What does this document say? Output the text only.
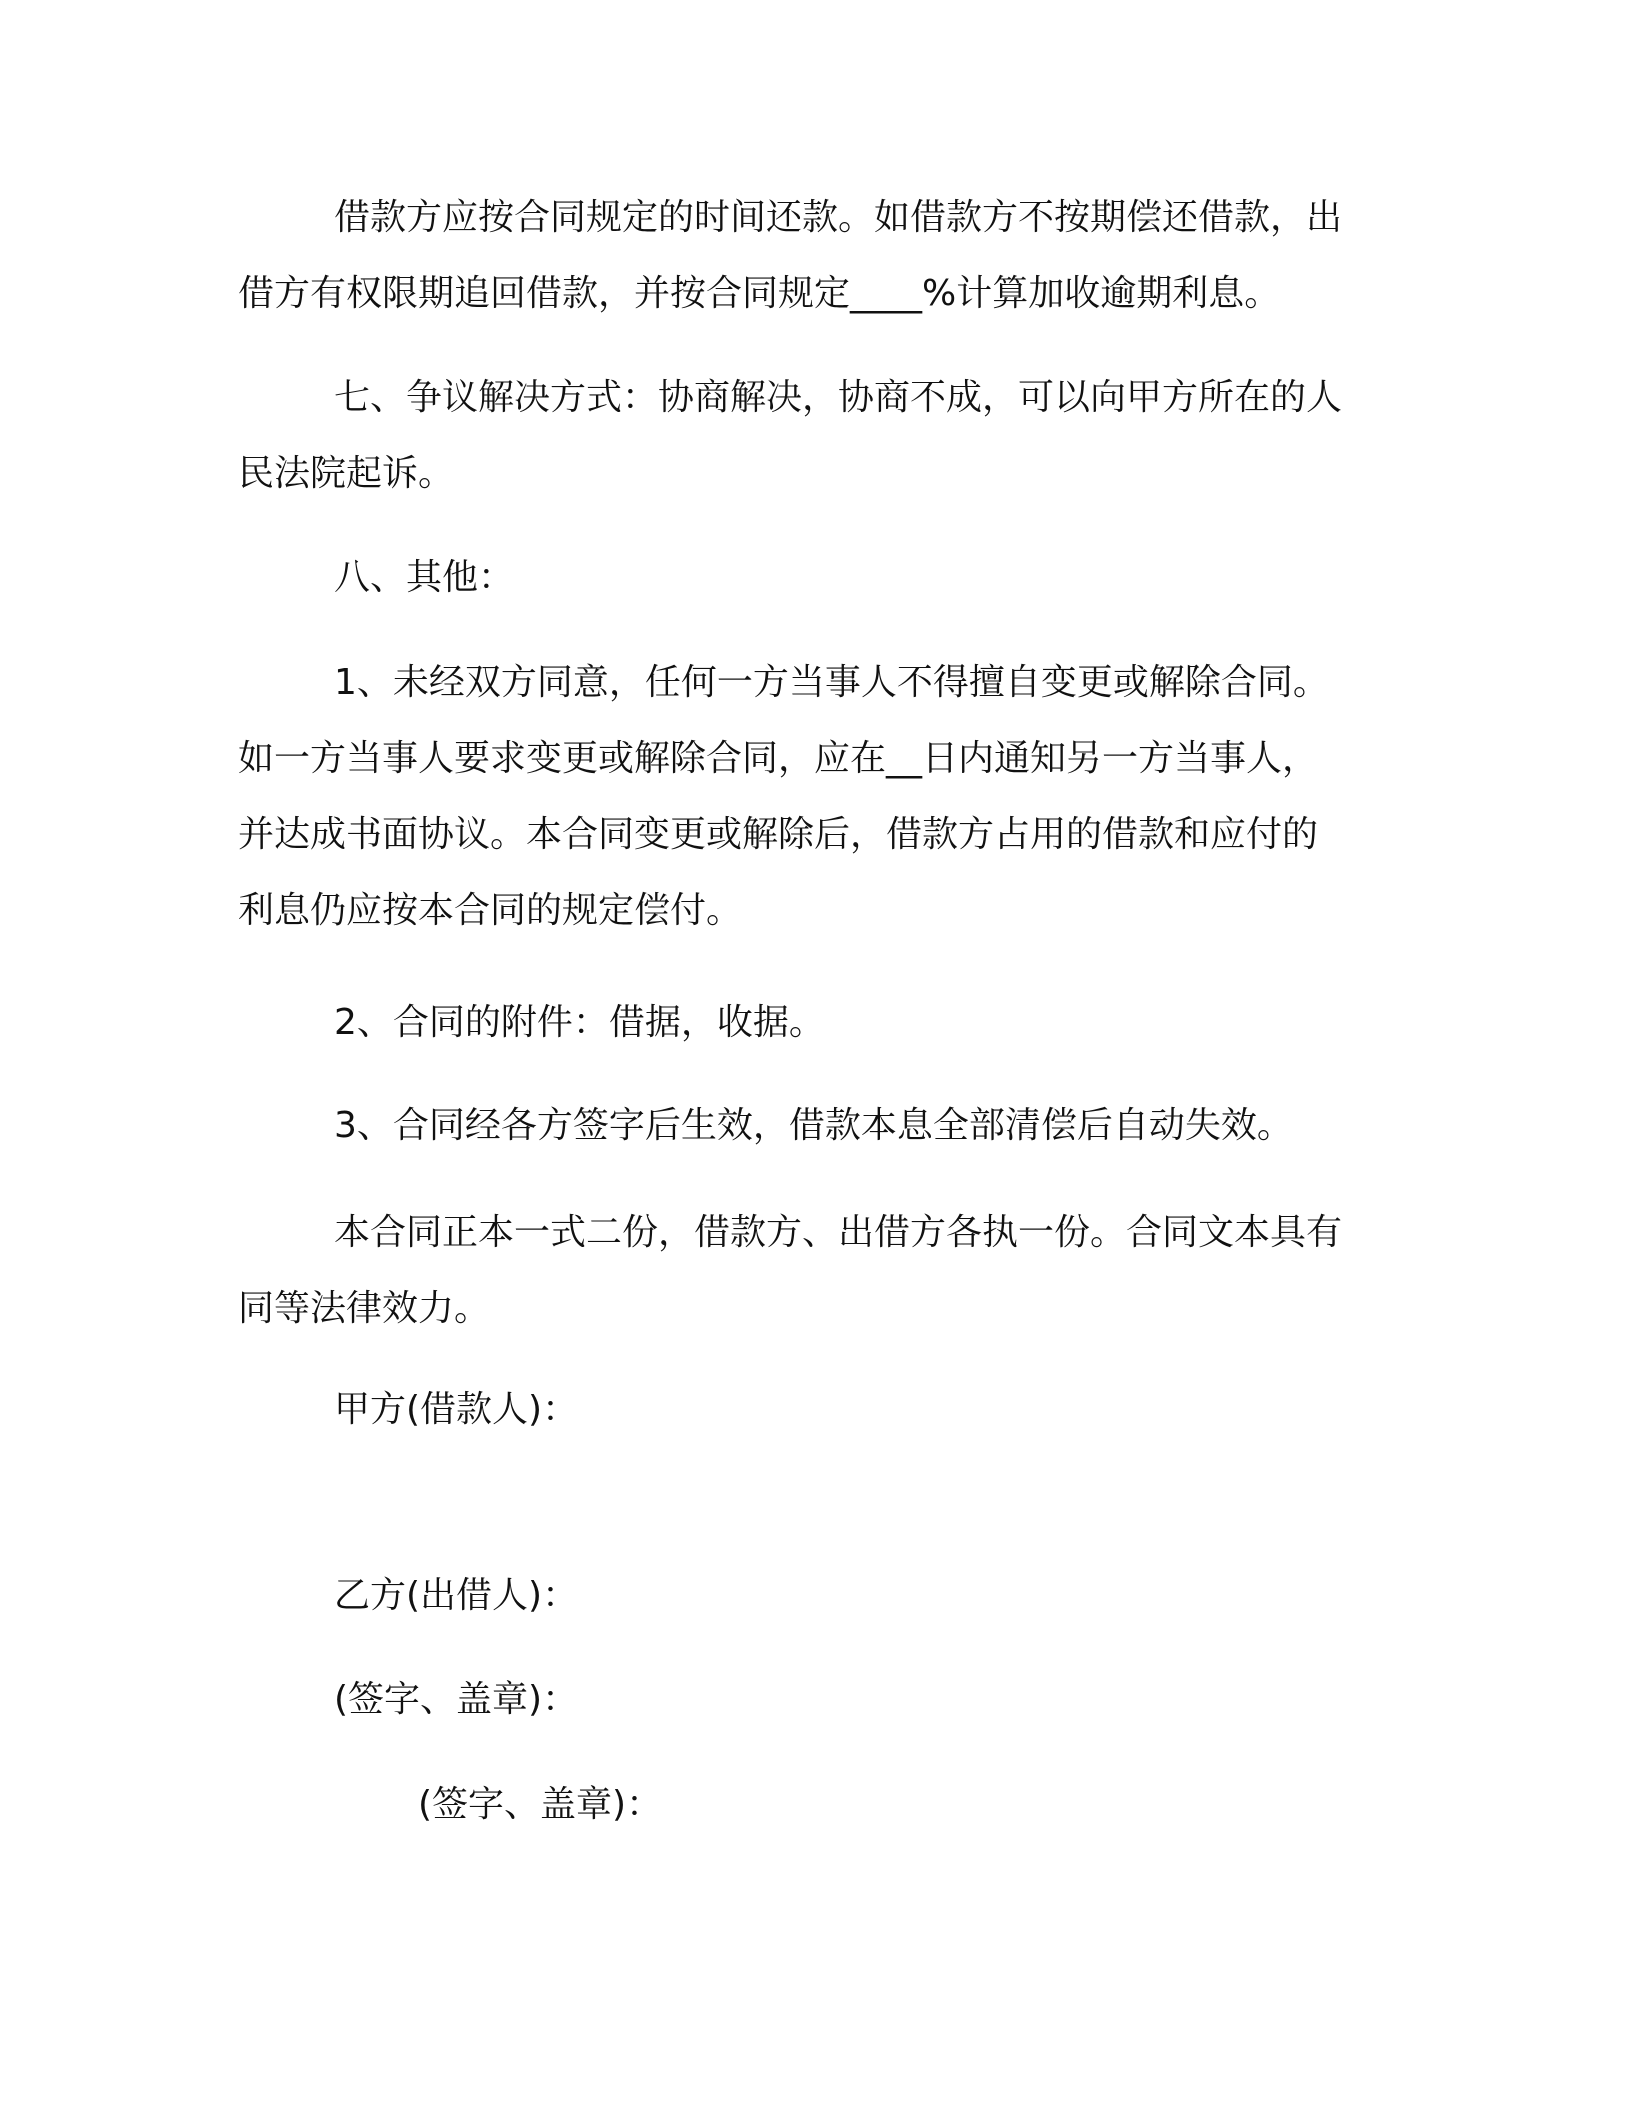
借款方应按合同规定的时间还款。如借款方不按期偿还借款，出
借方有权限期追回借款，并按合同规定____%计算加收逾期利息。
七、争议解决方式：协商解决，协商不成，可以向甲方所在的人
民法院起诉。
八、其他：
1、未经双方同意，任何一方当事人不得擅自变更或解除合同。
如一方当事人要求变更或解除合同，应在__日内通知另一方当事人，
并达成书面协议。本合同变更或解除后，借款方占用的借款和应付的
利息仍应按本合同的规定偿付。
2、合同的附件：借据，收据。
3、合同经各方签字后生效，借款本息全部清偿后自动失效。
本合同正本一式二份，借款方、出借方各执一份。合同文本具有
同等法律效力。
甲方(借款人)：
乙方(出借人)：
(签字、盖章)：
(签字、盖章)：
